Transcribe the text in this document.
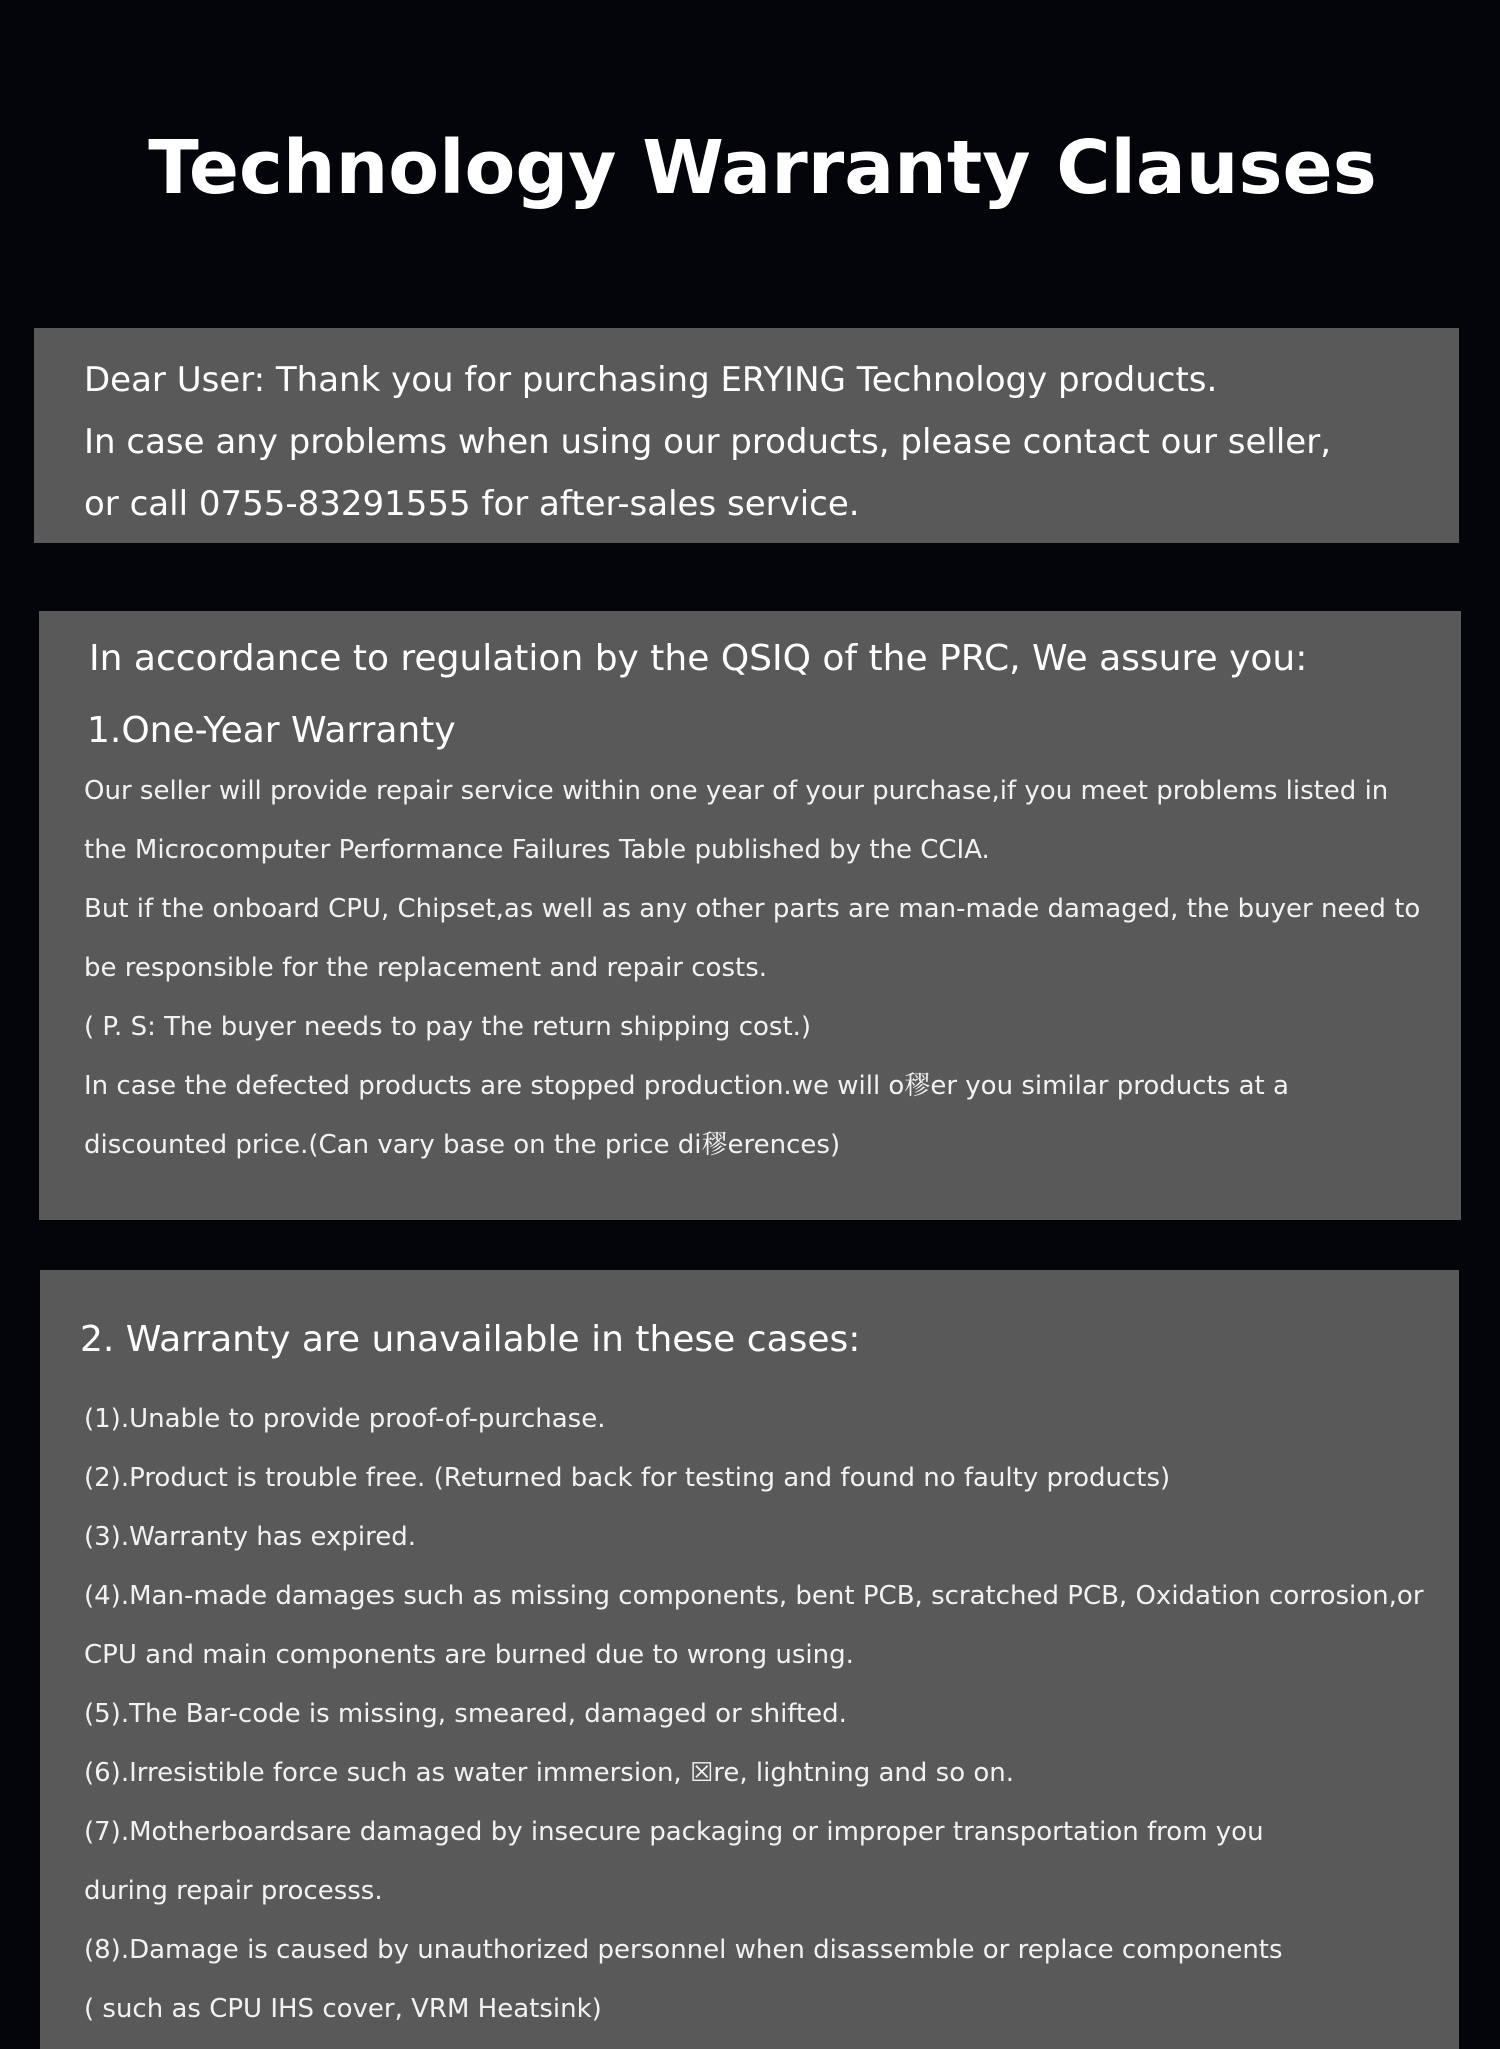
Technology Warranty Clauses

Dear User: Thank you for purchasing ERYING Technology products.

In case any problems when using our products, please contact our seller,

or call 0755-83291555 for after-sales service.

In accordance to regulation by the QSIQ of the PRC, We assure you:

1.One-Year Warranty

Our seller will provide repair service within one year of your purchase,if you meet problems listed in

the Microcomputer Performance Failures Table published by the CCIA.

But if the onboard CPU, Chipset,as well as any other parts are man-made damaged, the buyer need to

be responsible for the replacement and repair costs.

( P. S: The buyer needs to pay the return shipping cost.)

In case the defected products are stopped production.we will o穋er you similar products at a

discounted price.(Can vary base on the price di穋erences)

2. Warranty are unavailable in these cases:

(1).Unable to provide proof-of-purchase.

(2).Product is trouble free. (Returned back for testing and found no faulty products)

(3).Warranty has expired.

(4).Man-made damages such as missing components, bent PCB, scratched PCB, Oxidation corrosion,or

CPU and main components are burned due to wrong using.

(5).The Bar-code is missing, smeared, damaged or shifted.

(6).Irresistible force such as water immersion, ☒re, lightning and so on.

(7).Motherboardsare damaged by insecure packaging or improper transportation from you

during repair processs.

(8).Damage is caused by unauthorized personnel when disassemble or replace components

( such as CPU IHS cover, VRM Heatsink)
